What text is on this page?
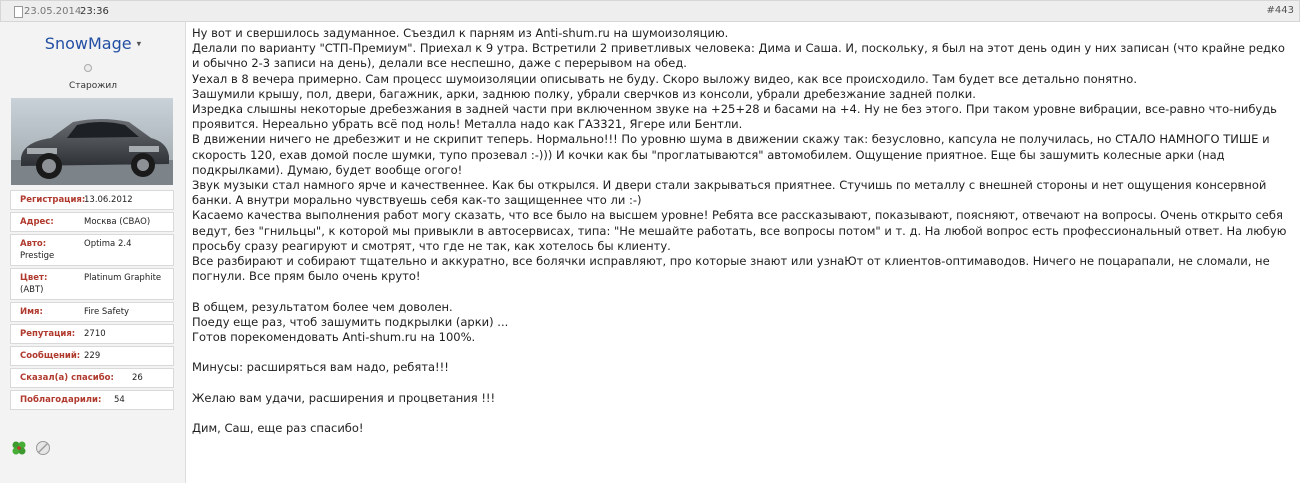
23.05.2014
23:36	#443
SnowMage ▾
Старожил
Регистрация:
13.06.2012
Адрес:	Москва (СВАО)
Авто:	Optima 2.4 Prestige
Цвет:	Platinum Graphite (АВТ)
Имя:	Fire Safety
Репутация:	2710
Сообщений: 229
Сказал(а) спасибо:	26
Поблагодарили:	54

Ну вот и свершилось задуманное. Съездил к парням из Anti-shum.ru на шумоизоляцию.

Делали по варианту "СТП-Премиум". Приехал к 9 утра. Встретили 2 приветливых человека: Дима и Саша. И, поскольку, я был на этот день один у них записан (что крайне редко и обычно 2-3 записи на день), делали все неспешно, даже с перерывом на обед.

Уехал в 8 вечера примерно. Сам процесс шумоизоляции описывать не буду. Скоро выложу видео, как все происходило. Там будет все детально понятно.

Зашумили крышу, пол, двери, багажник, арки, заднюю полку, убрали сверчков из консоли, убрали дребезжание задней полки.

Изредка слышны некоторые дребезжания в задней части при включенном звуке на +25+28 и басами на +4. Ну не без этого. При таком уровне вибрации, все-равно что-нибудь проявится. Нереально убрать всё под ноль! Металла надо как ГАЗ321, Ягере или Бентли.

В движении ничего не дребезжит и не скрипит теперь. Нормально!!! По уровню шума в движении скажу так: безусловно, капсула не получилась, но СТАЛО НАМНОГО ТИШЕ и скорость 120, ехав домой после шумки, тупо прозевал :-))) И кочки как бы "проглатываются" автомобилем. Ощущение приятное. Еще бы зашумить колесные арки (над подкрылками). Думаю, будет вообще огого!

Звук музыки стал намного ярче и качественнее. Как бы открылся. И двери стали закрываться приятнее. Стучишь по металлу с внешней стороны и нет ощущения консервной банки. А внутри морально чувствуешь себя как-то защищеннее что ли :-)

Касаемо качества выполнения работ могу сказать, что все было на высшем уровне! Ребята все рассказывают, показывают, поясняют, отвечают на вопросы. Очень открыто себя ведут, без "гнильцы", к которой мы привыкли в автосервисах, типа: "Не мешайте работать, все вопросы потом" и т. д. На любой вопрос есть профессиональный ответ. На любую просьбу сразу реагируют и смотрят, что где не так, как хотелось бы клиенту.

Все разбирают и собирают тщательно и аккуратно, все болячки исправляют, про которые знают или узнаЮт от клиентов-оптимаводов. Ничего не поцарапали, не сломали, не погнули. Все прям было очень круто!

В общем, результатом более чем доволен.

Поеду еще раз, чтоб зашумить подкрылки (арки) ...

Готов порекомендовать Anti-shum.ru на 100%.

Минусы: расширяться вам надо, ребята!!!

Желаю вам удачи, расширения и процветания !!!

Дим, Саш, еще раз спасибо!
